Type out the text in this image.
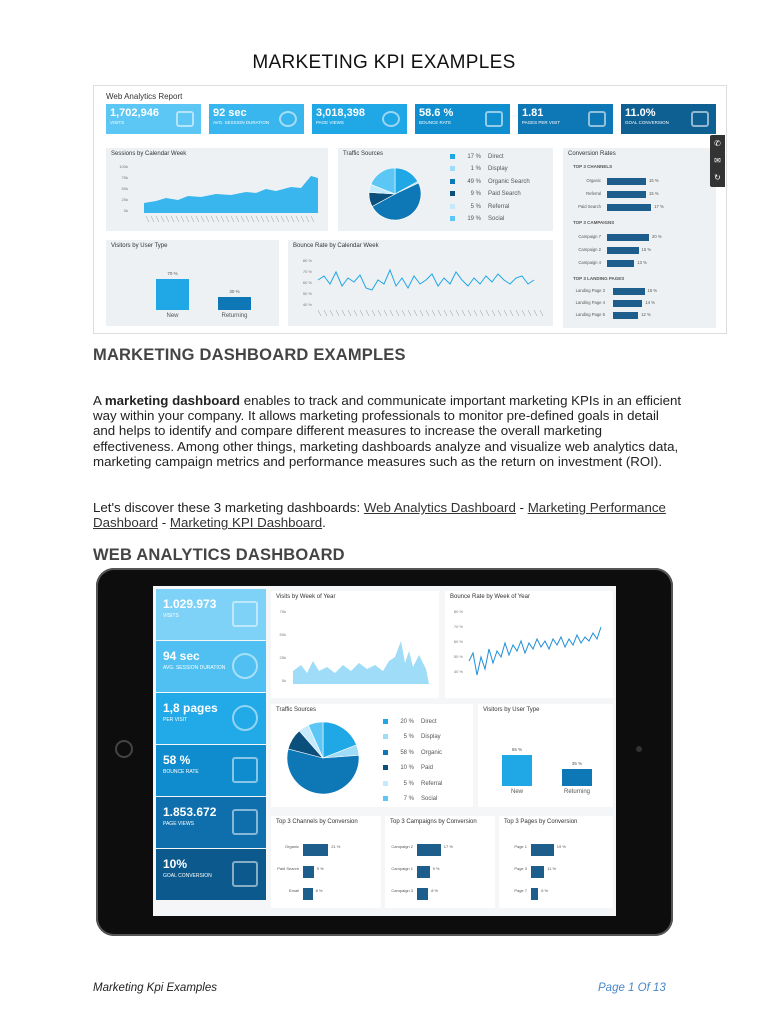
MARKETING KPI EXAMPLES
Web Analytics Report
1,702,946
VISITS
92 sec
AVG. SESSION DURATION
3,018,398
PAGE VIEWS
58.6 %
BOUNCE RATE
1.81
PAGES PER VISIT
11.0%
GOAL CONVERSION
Sessions by Calendar Week
100k
75k
50k
25k
0k
Traffic Sources
17 % Direct
1 % Display
49 % Organic Search
9 % Paid Search
5 % Referral
19 % Social
Conversion Rates
TOP 3 CHANNELS
Organic	15 %
Referral	15 %
Paid Search	17 %
TOP 3 CAMPAIGNS
Campaign 7	20 %
Campaign 2	15 %
Campaign 4	13 %
TOP 3 LANDING PAGES
Landing Page 3	15 %
Landing Page 4	14 %
Landing Page 5	12 %
Visitors by User Type
70 %
New
30 %
Returning
Bounce Rate by Calendar Week
80 %
70 %
60 %
50 %
40 %
✆
✉
↻
MARKETING DASHBOARD EXAMPLES
A marketing dashboard enables to track and communicate important marketing KPIs in an efficient way within your company. It allows marketing professionals to monitor pre-defined goals in detail and helps to identify and compare different measures to increase the overall marketing effectiveness. Among other things, marketing dashboards analyze and visualize web analytics data, marketing campaign metrics and performance measures such as the return on investment (ROI).
Let's discover these 3 marketing dashboards: Web Analytics Dashboard - Marketing Performance Dashboard - Marketing KPI Dashboard.
WEB ANALYTICS DASHBOARD
1.029.973
VISITS
94 sec
AVG. SESSION DURATION
1,8 pages
PER VISIT
58 %
BOUNCE RATE
1.853.672
PAGE VIEWS
10%
GOAL CONVERSION
Visits by Week of Year
75k
50k
25k
0k
Bounce Rate by Week of Year
80 %
70 %
60 %
50 %
40 %
Traffic Sources
20 % Direct
5 % Display
58 % Organic
10 % Paid
5 % Referral
7 % Social
Visitors by User Type
65 %
New
35 %
Returning
Top 3 Channels by Conversion
Organic	21 %
Paid Search	9 %
Email	8 %
Top 3 Campaigns by Conversion
Campaign 2	17 %
Campaign 1	9 %
Campaign 3	8 %
Top 3 Pages by Conversion
Page 1	19 %
Page 3	11 %
Page 7	6 %
Marketing Kpi Examples	Page 1 Of 13
